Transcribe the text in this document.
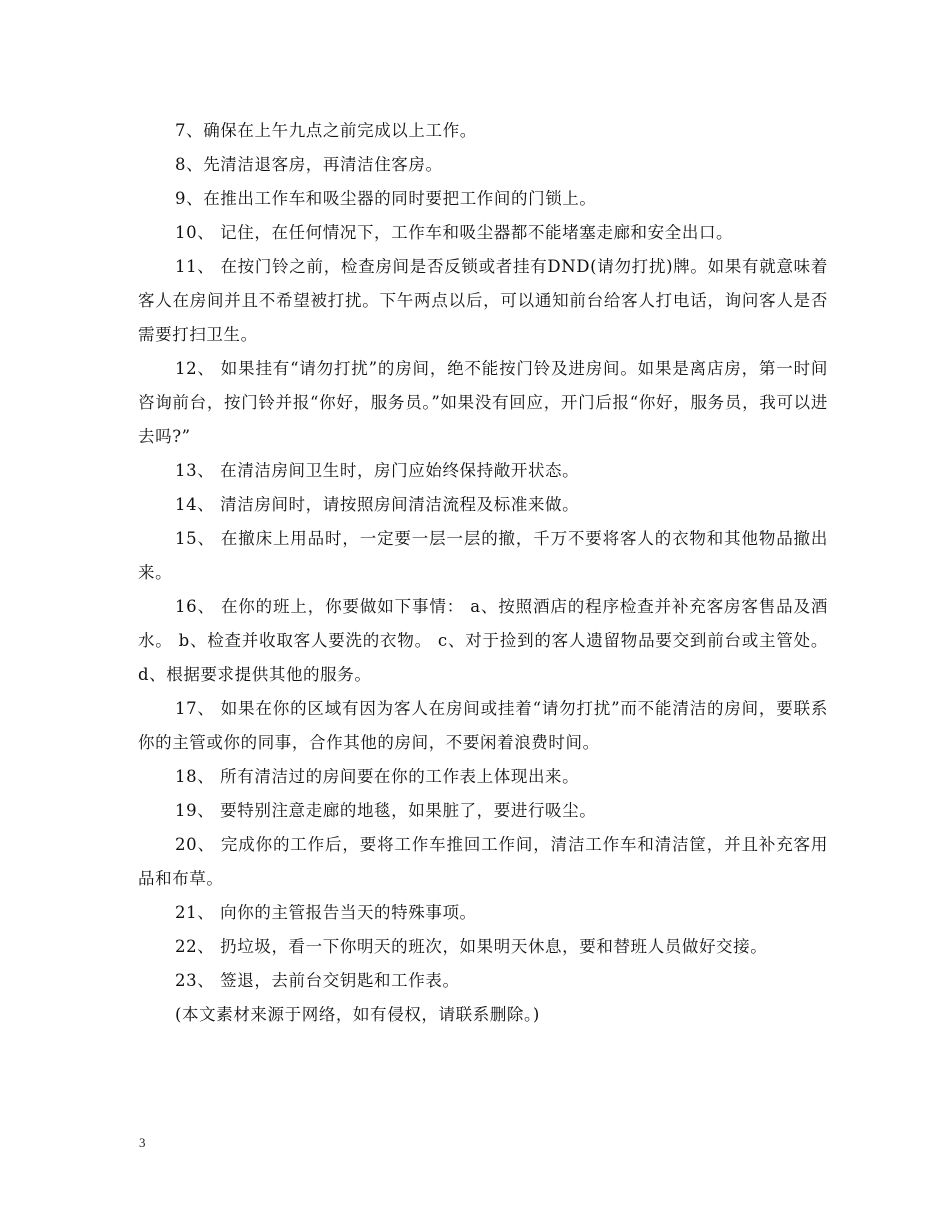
7、确保在上午九点之前完成以上工作。

8、先清洁退客房，再清洁住客房。

9、在推出工作车和吸尘器的同时要把工作间的门锁上。

10、 记住，在任何情况下，工作车和吸尘器都不能堵塞走廊和安全出口。

11、 在按门铃之前，检查房间是否反锁或者挂有DND(请勿打扰)牌。如果有就意味着客人在房间并且不希望被打扰。下午两点以后，可以通知前台给客人打电话，询问客人是否需要打扫卫生。

12、 如果挂有“请勿打扰”的房间，绝不能按门铃及进房间。如果是离店房，第一时间咨询前台，按门铃并报“你好，服务员。”如果没有回应，开门后报“你好，服务员，我可以进去吗?”

13、 在清洁房间卫生时，房门应始终保持敞开状态。

14、 清洁房间时，请按照房间清洁流程及标准来做。

15、 在撤床上用品时，一定要一层一层的撤，千万不要将客人的衣物和其他物品撤出来。

16、 在你的班上，你要做如下事情： a、按照酒店的程序检查并补充客房客售品及酒水。 b、检查并收取客人要洗的衣物。 c、对于捡到的客人遗留物品要交到前台或主管处。 d、根据要求提供其他的服务。

17、 如果在你的区域有因为客人在房间或挂着“请勿打扰”而不能清洁的房间，要联系你的主管或你的同事，合作其他的房间，不要闲着浪费时间。

18、 所有清洁过的房间要在你的工作表上体现出来。

19、 要特别注意走廊的地毯，如果脏了，要进行吸尘。

20、 完成你的工作后，要将工作车推回工作间，清洁工作车和清洁筐，并且补充客用品和布草。

21、 向你的主管报告当天的特殊事项。

22、 扔垃圾，看一下你明天的班次，如果明天休息，要和替班人员做好交接。

23、 签退，去前台交钥匙和工作表。

(本文素材来源于网络，如有侵权，请联系删除。)

3
